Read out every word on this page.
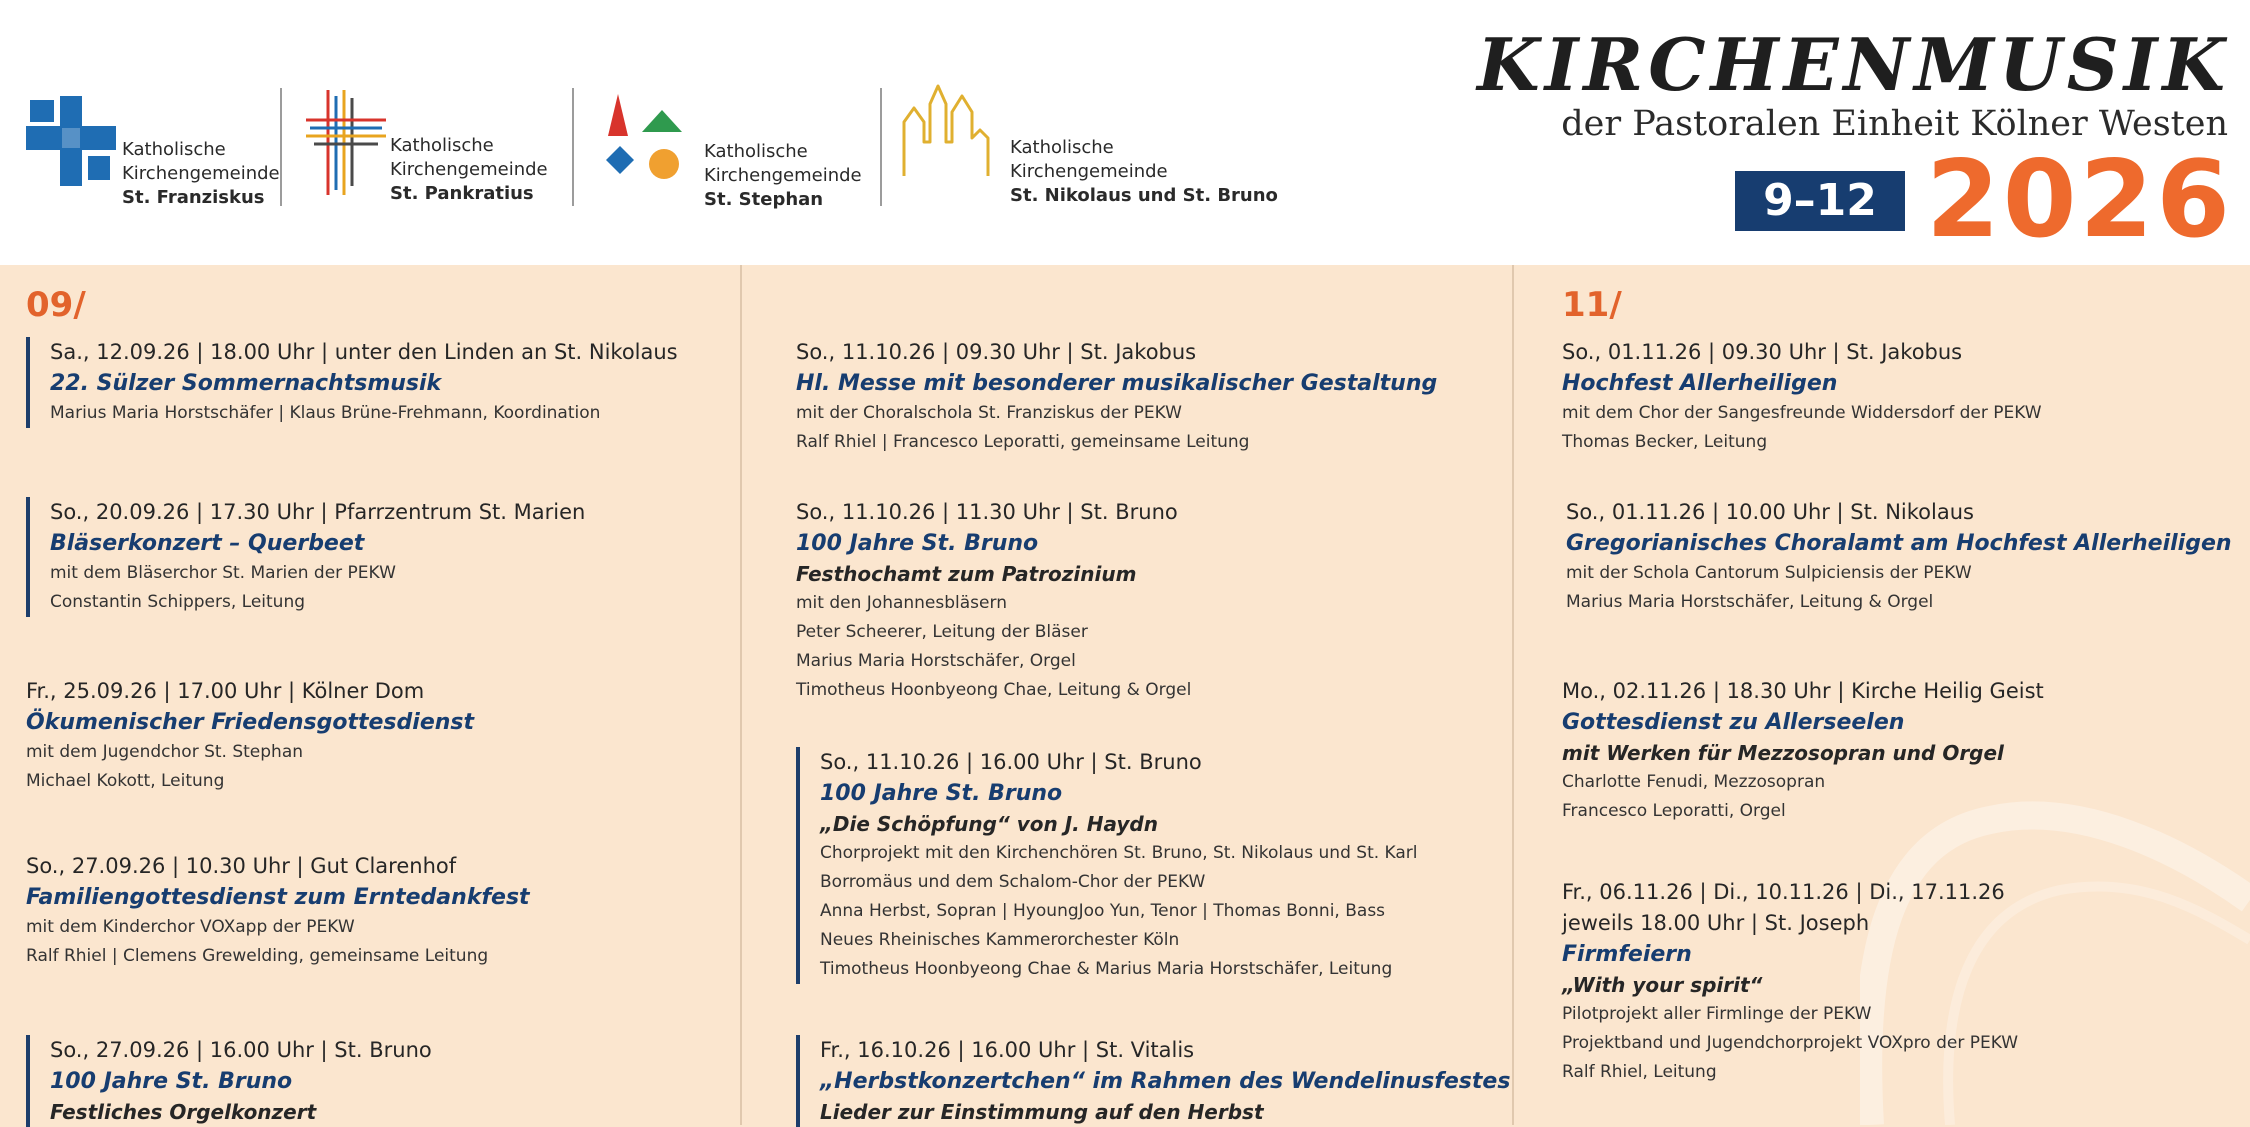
Katholische
Kirchengemeinde
St. Franziskus
Katholische
Kirchengemeinde
St. Pankratius
Katholische
Kirchengemeinde
St. Stephan
Katholische
Kirchengemeinde
St. Nikolaus und St. Bruno
KIRCHENMUSIK
der Pastoralen Einheit Kölner Westen
9–12 2026
09/
Sa., 12.09.26 | 18.00 Uhr | unter den Linden an St. Nikolaus
22. Sülzer Sommernachtsmusik
Marius Maria Horstschäfer | Klaus Brüne-Frehmann, Koordination
So., 20.09.26 | 17.30 Uhr | Pfarrzentrum St. Marien
Bläserkonzert – Querbeet
mit dem Bläserchor St. Marien der PEKW
Constantin Schippers, Leitung
Fr., 25.09.26 | 17.00 Uhr | Kölner Dom
Ökumenischer Friedensgottesdienst
mit dem Jugendchor St. Stephan
Michael Kokott, Leitung
So., 27.09.26 | 10.30 Uhr | Gut Clarenhof
Familiengottesdienst zum Erntedankfest
mit dem Kinderchor VOXapp der PEKW
Ralf Rhiel | Clemens Grewelding, gemeinsame Leitung
So., 27.09.26 | 16.00 Uhr | St. Bruno
100 Jahre St. Bruno
Festliches Orgelkonzert
So., 11.10.26 | 09.30 Uhr | St. Jakobus
Hl. Messe mit besonderer musikalischer Gestaltung
mit der Choralschola St. Franziskus der PEKW
Ralf Rhiel | Francesco Leporatti, gemeinsame Leitung
So., 11.10.26 | 11.30 Uhr | St. Bruno
100 Jahre St. Bruno
Festhochamt zum Patrozinium
mit den Johannesbläsern
Peter Scheerer, Leitung der Bläser
Marius Maria Horstschäfer, Orgel
Timotheus Hoonbyeong Chae, Leitung & Orgel
So., 11.10.26 | 16.00 Uhr | St. Bruno
100 Jahre St. Bruno
„Die Schöpfung“ von J. Haydn
Chorprojekt mit den Kirchenchören St. Bruno, St. Nikolaus und St. Karl
Borromäus und dem Schalom-Chor der PEKW
Anna Herbst, Sopran | HyoungJoo Yun, Tenor | Thomas Bonni, Bass
Neues Rheinisches Kammerorchester Köln
Timotheus Hoonbyeong Chae & Marius Maria Horstschäfer, Leitung
Fr., 16.10.26 | 16.00 Uhr | St. Vitalis
„Herbstkonzertchen“ im Rahmen des Wendelinusfestes
Lieder zur Einstimmung auf den Herbst
11/
So., 01.11.26 | 09.30 Uhr | St. Jakobus
Hochfest Allerheiligen
mit dem Chor der Sangesfreunde Widdersdorf der PEKW
Thomas Becker, Leitung
So., 01.11.26 | 10.00 Uhr | St. Nikolaus
Gregorianisches Choralamt am Hochfest Allerheiligen
mit der Schola Cantorum Sulpiciensis der PEKW
Marius Maria Horstschäfer, Leitung & Orgel
Mo., 02.11.26 | 18.30 Uhr | Kirche Heilig Geist
Gottesdienst zu Allerseelen
mit Werken für Mezzosopran und Orgel
Charlotte Fenudi, Mezzosopran
Francesco Leporatti, Orgel
Fr., 06.11.26 | Di., 10.11.26 | Di., 17.11.26
jeweils 18.00 Uhr | St. Joseph
Firmfeiern
„With your spirit“
Pilotprojekt aller Firmlinge der PEKW
Projektband und Jugendchorprojekt VOXpro der PEKW
Ralf Rhiel, Leitung
